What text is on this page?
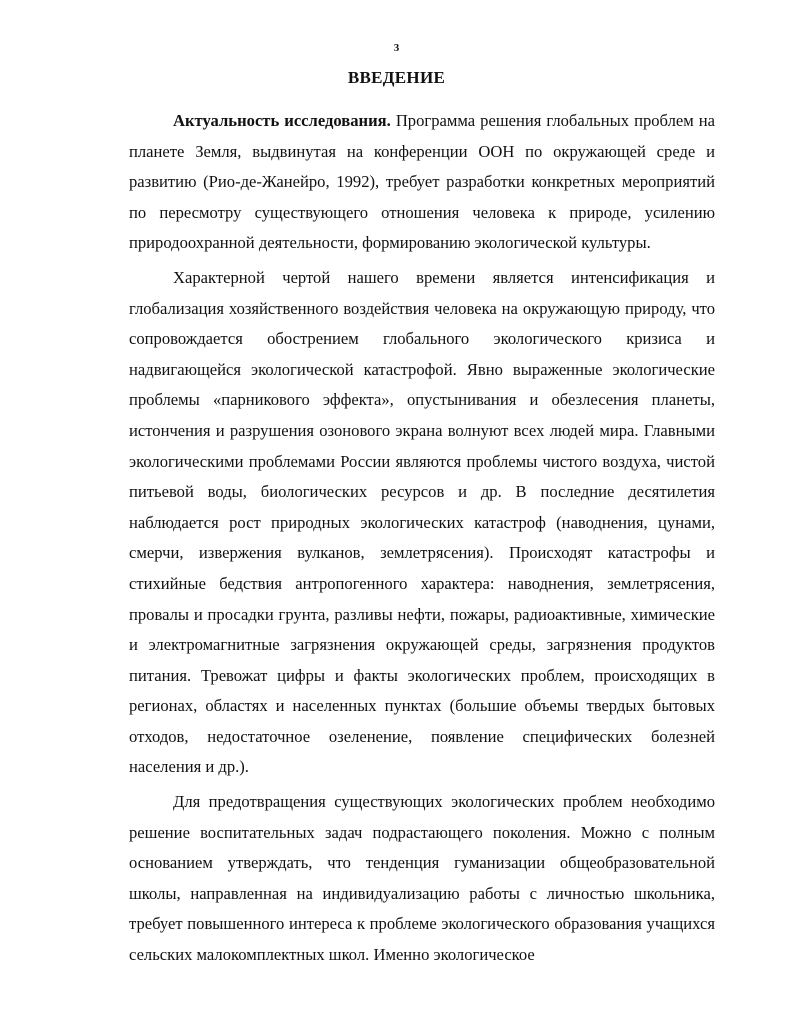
3
ВВЕДЕНИЕ

Актуальность исследования. Программа решения глобальных проблем на планете Земля, выдвинутая на конференции ООН по окружающей среде и развитию (Рио-де-Жанейро, 1992), требует разработки конкретных мероприятий по пересмотру существующего отношения человека к природе, усилению природоохранной деятельности, формированию экологической культуры.

Характерной чертой нашего времени является интенсификация и глобализация хозяйственного воздействия человека на окружающую природу, что сопровождается обострением глобального экологического кризиса и надвигающейся экологической катастрофой. Явно выраженные экологические проблемы «парникового эффекта», опустынивания и обезлесения планеты, истончения и разрушения озонового экрана волнуют всех людей мира. Главными экологическими проблемами России являются проблемы чистого воздуха, чистой питьевой воды, биологических ресурсов и др. В последние десятилетия наблюдается рост природных экологических катастроф (наводнения, цунами, смерчи, извержения вулканов, землетрясения). Происходят катастрофы и стихийные бедствия антропогенного характера: наводнения, землетрясения, провалы и просадки грунта, разливы нефти, пожары, радиоактивные, химические и электромагнитные загрязнения окружающей среды, загрязнения продуктов питания. Тревожат цифры и факты экологических проблем, происходящих в регионах, областях и населенных пунктах (большие объемы твердых бытовых отходов, недостаточное озеленение, появление специфических болезней населения и др.).

Для предотвращения существующих экологических проблем необходимо решение воспитательных задач подрастающего поколения. Можно с полным основанием утверждать, что тенденция гуманизации общеобразовательной школы, направленная на индивидуализацию работы с личностью школьника, требует повышенного интереса к проблеме экологического образования учащихся сельских малокомплектных школ. Именно экологическое
